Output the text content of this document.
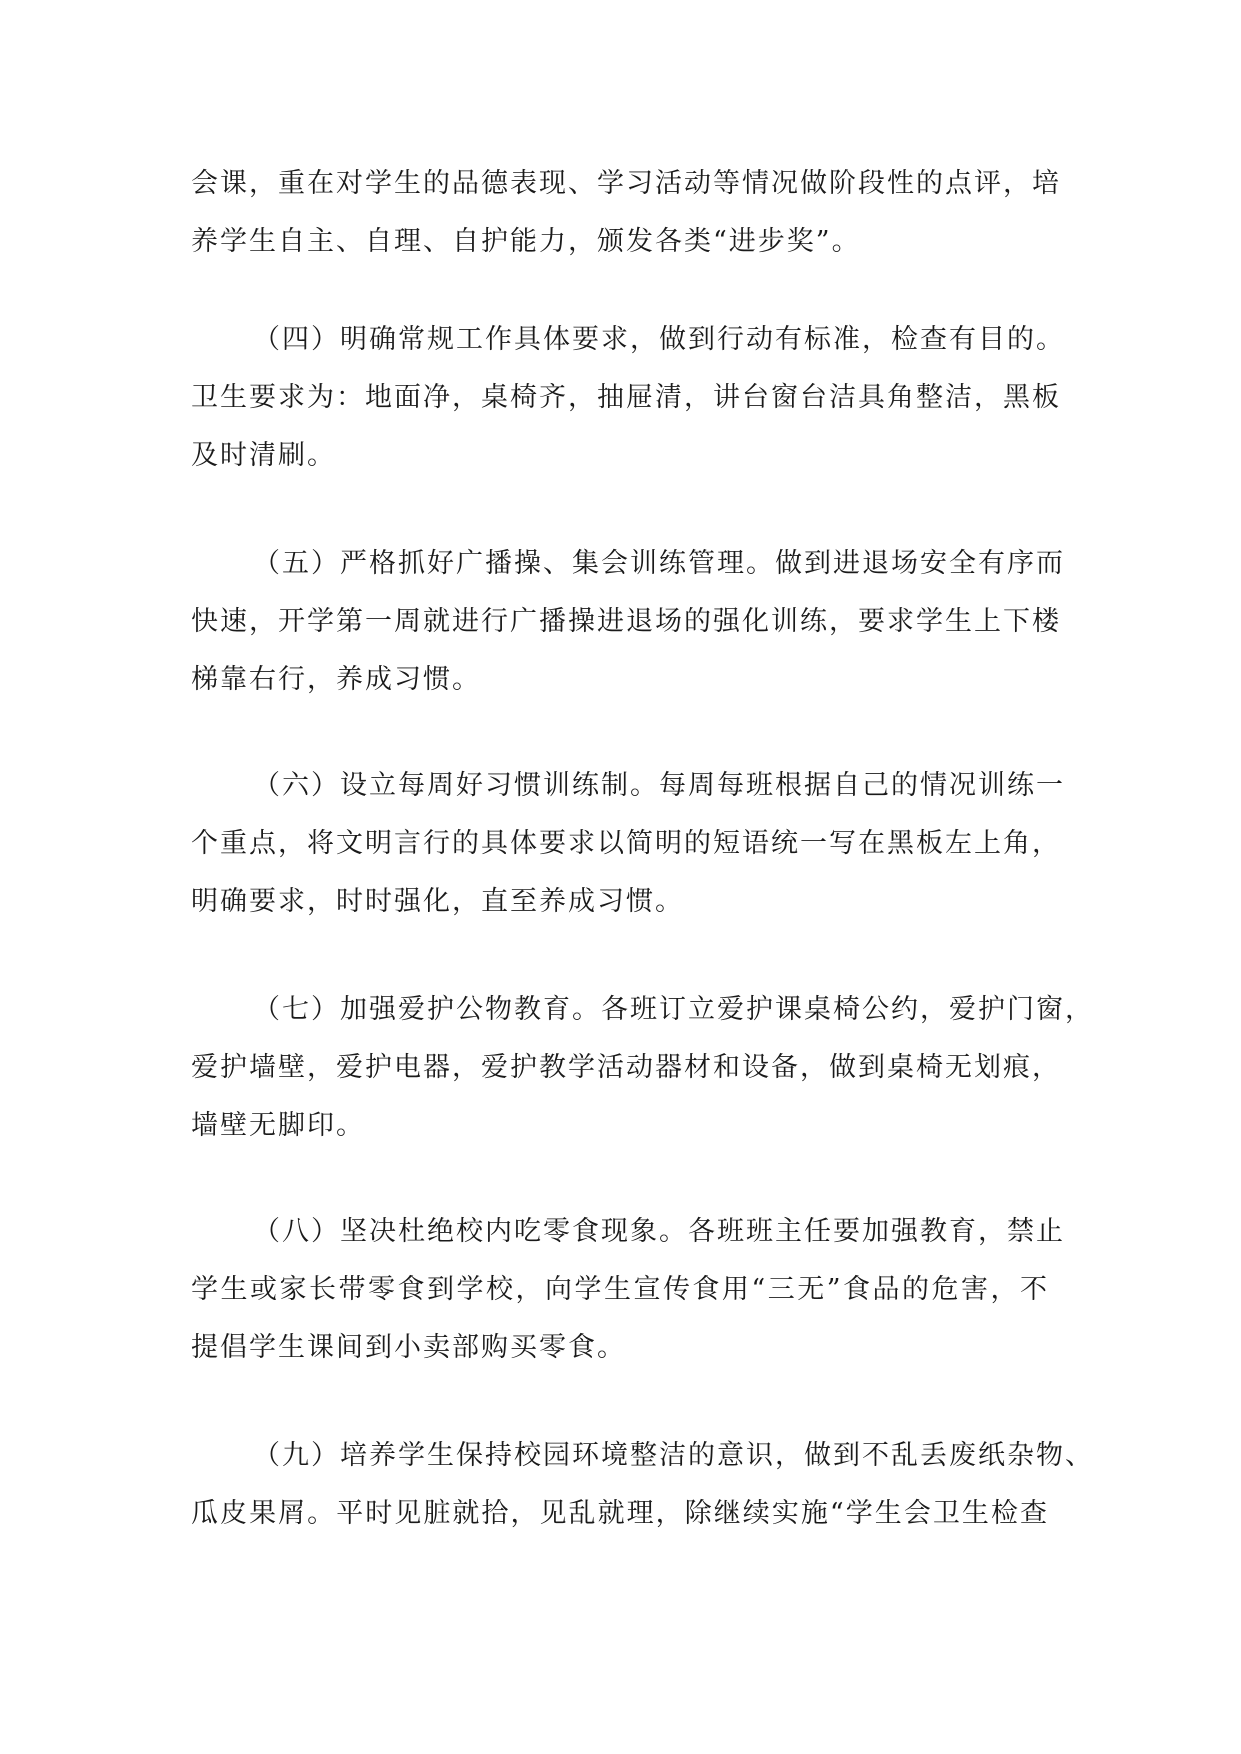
会课，重在对学生的品德表现、学习活动等情况做阶段性的点评，培
养学生自主、自理、自护能力，颁发各类“进步奖”。
（四）明确常规工作具体要求，做到行动有标准，检查有目的。
卫生要求为：地面净，桌椅齐，抽屉清，讲台窗台洁具角整洁，黑板
及时清刷。
（五）严格抓好广播操、集会训练管理。做到进退场安全有序而
快速，开学第一周就进行广播操进退场的强化训练，要求学生上下楼
梯靠右行，养成习惯。
（六）设立每周好习惯训练制。每周每班根据自己的情况训练一
个重点，将文明言行的具体要求以简明的短语统一写在黑板左上角，
明确要求，时时强化，直至养成习惯。
（七）加强爱护公物教育。各班订立爱护课桌椅公约，爱护门窗，
爱护墙壁，爱护电器，爱护教学活动器材和设备，做到桌椅无划痕，
墙壁无脚印。
（八）坚决杜绝校内吃零食现象。各班班主任要加强教育，禁止
学生或家长带零食到学校，向学生宣传食用“三无”食品的危害，不
提倡学生课间到小卖部购买零食。
（九）培养学生保持校园环境整洁的意识，做到不乱丢废纸杂物、
瓜皮果屑。平时见脏就拾，见乱就理，除继续实施“学生会卫生检查
